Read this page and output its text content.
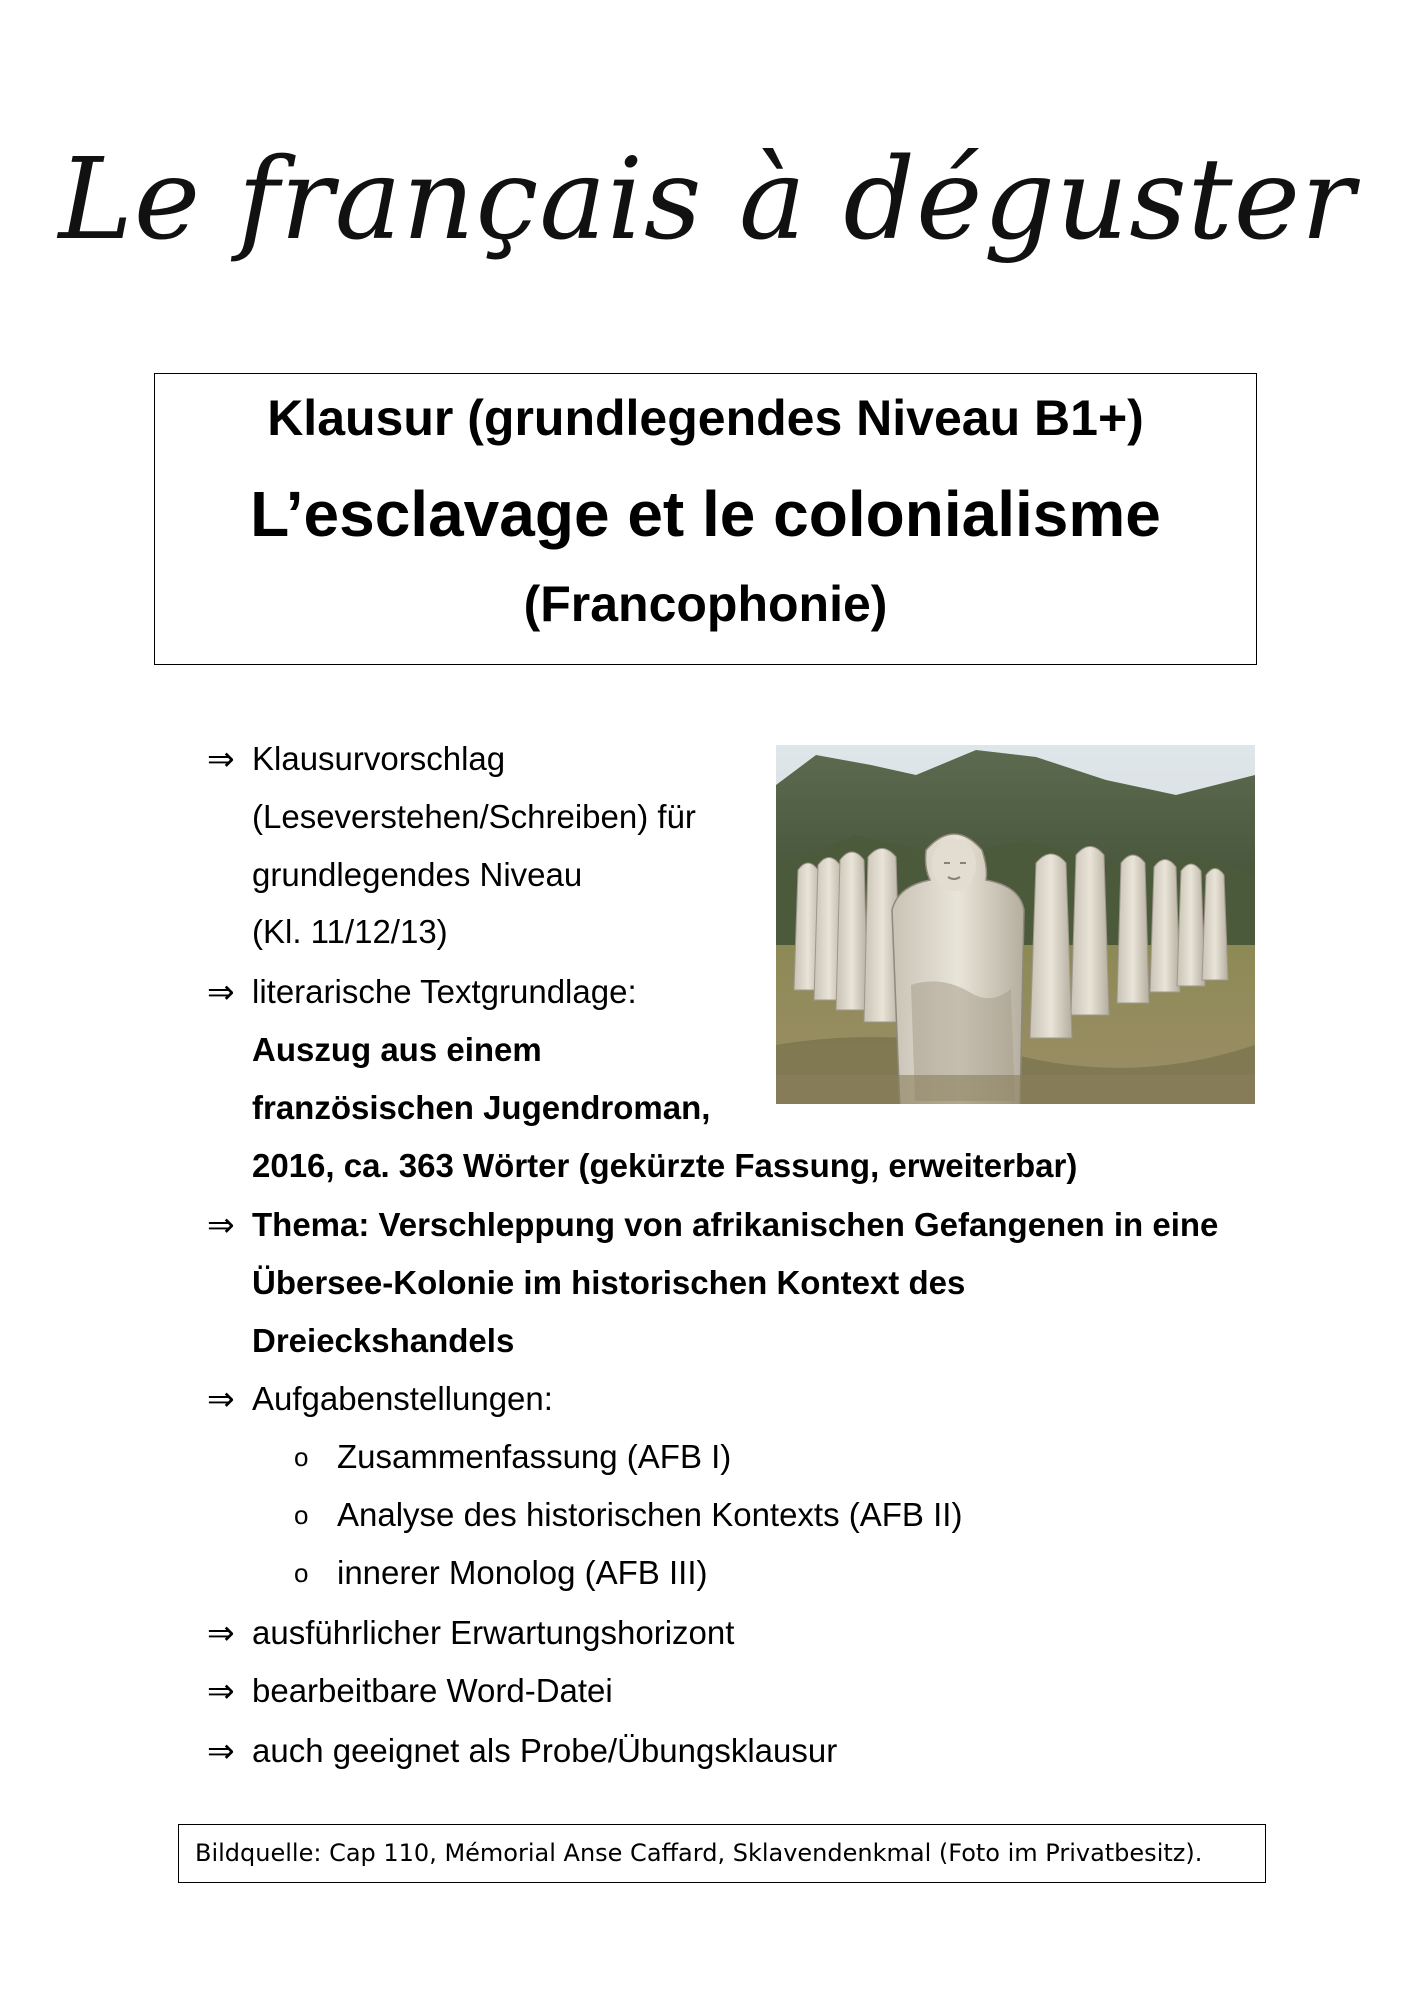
Le français à déguster
Klausur (grundlegendes Niveau B1+)
L’esclavage et le colonialisme
(Francophonie)
⇒ Klausurvorschlag
(Leseverstehen/Schreiben) für
grundlegendes Niveau
(Kl. 11/12/13)
⇒ literarische Textgrundlage:
Auszug aus einem
französischen Jugendroman,
2016, ca. 363 Wörter (gekürzte Fassung, erweiterbar)
⇒ Thema: Verschleppung von afrikanischen Gefangenen in eine
Übersee-Kolonie im historischen Kontext des
Dreieckshandels
⇒ Aufgabenstellungen:
o Zusammenfassung (AFB I)
o Analyse des historischen Kontexts (AFB II)
o innerer Monolog (AFB III)
⇒ ausführlicher Erwartungshorizont
⇒ bearbeitbare Word-Datei
⇒ auch geeignet als Probe/Übungsklausur
Bildquelle: Cap 110, Mémorial Anse Caffard, Sklavendenkmal (Foto im Privatbesitz).
